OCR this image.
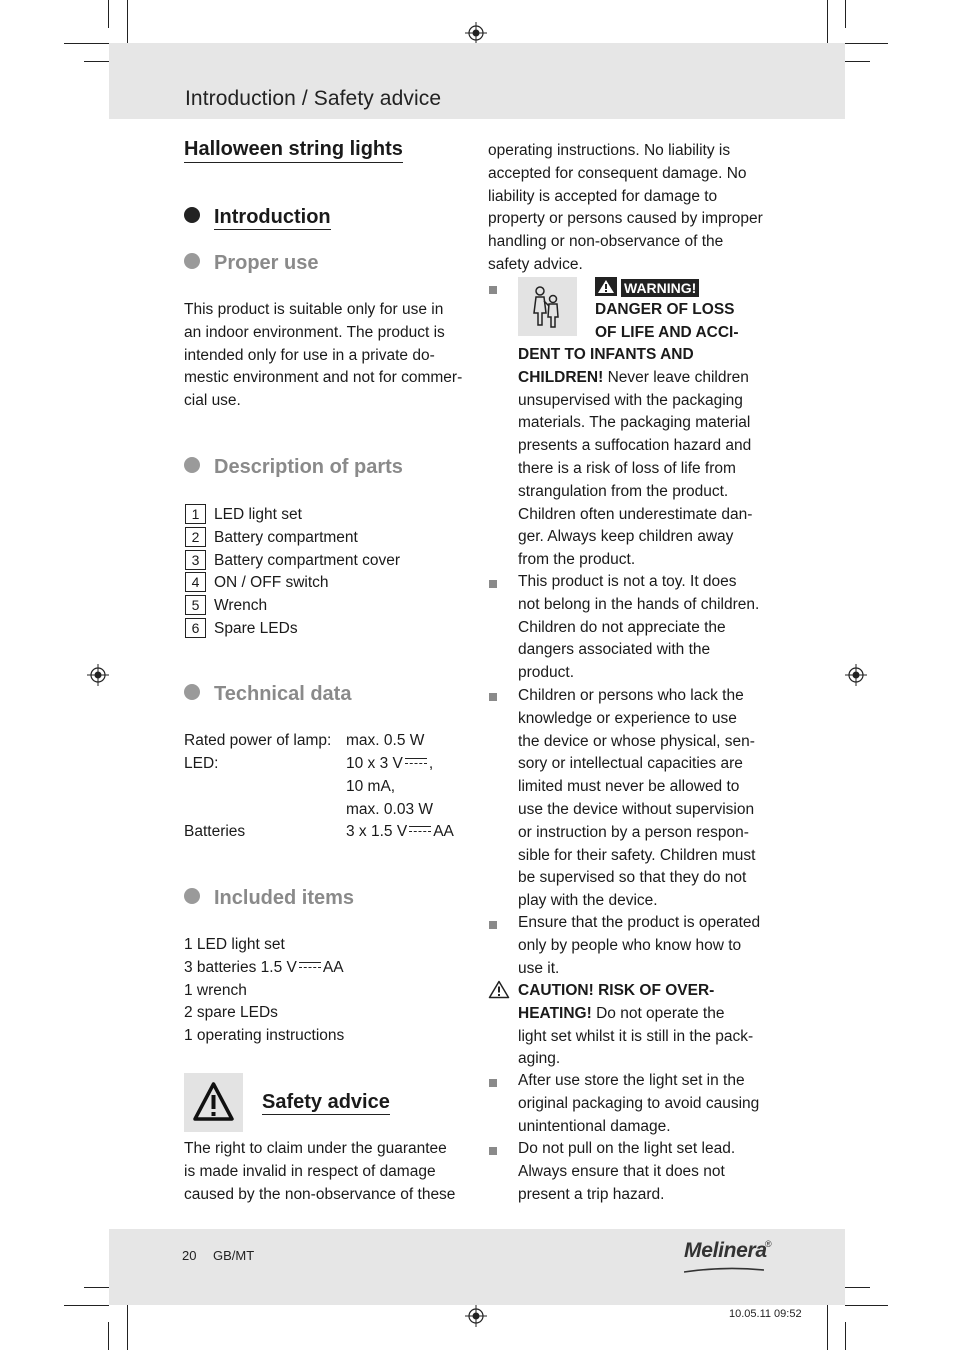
Introduction / Safety advice
Halloween string lights
Introduction
Proper use
This product is suitable only for use in
an indoor environment. The product is
intended only for use in a private do-
mestic environment and not for commer-
cial use.
Description of parts
1 LED light set
2 Battery compartment
3 Battery compartment cover
4 ON / OFF switch
5 Wrench
6 Spare LEDs
Technical data
Rated power of lamp: max. 0.5 W
LED:	10 x 3 V ,
10 mA,
max. 0.03 W
Batteries	3 x 1.5 V AA
Included items
1 LED light set
3 batteries 1.5 V AA
1 wrench
2 spare LEDs
1 operating instructions
Safety advice
The right to claim under the guarantee
is made invalid in respect of damage
caused by the non-observance of these
operating instructions. No liability is
accepted for consequent damage. No
liability is accepted for damage to
property or persons caused by improper
handling or non-observance of the
safety advice.
WARNING!
DANGER OF LOSS
OF LIFE AND ACCI-
DENT TO INFANTS AND
CHILDREN! Never leave children
unsupervised with the packaging
materials. The packaging material
presents a suffocation hazard and
there is a risk of loss of life from
strangulation from the product.
Children often underestimate dan-
ger. Always keep children away
from the product.
This product is not a toy. It does
not belong in the hands of children.
Children do not appreciate the
dangers associated with the
product.
Children or persons who lack the
knowledge or experience to use
the device or whose physical, sen-
sory or intellectual capacities are
limited must never be allowed to
use the device without supervision
or instruction by a person respon-
sible for their safety. Children must
be supervised so that they do not
play with the device.
Ensure that the product is operated
only by people who know how to
use it.
CAUTION! RISK OF OVER-
HEATING! Do not operate the
light set whilst it is still in the pack-
aging.
After use store the light set in the
original packaging to avoid causing
unintentional damage.
Do not pull on the light set lead.
Always ensure that it does not
present a trip hazard.
20 GB/MT	Melinera
®
10.05.11 09:52
